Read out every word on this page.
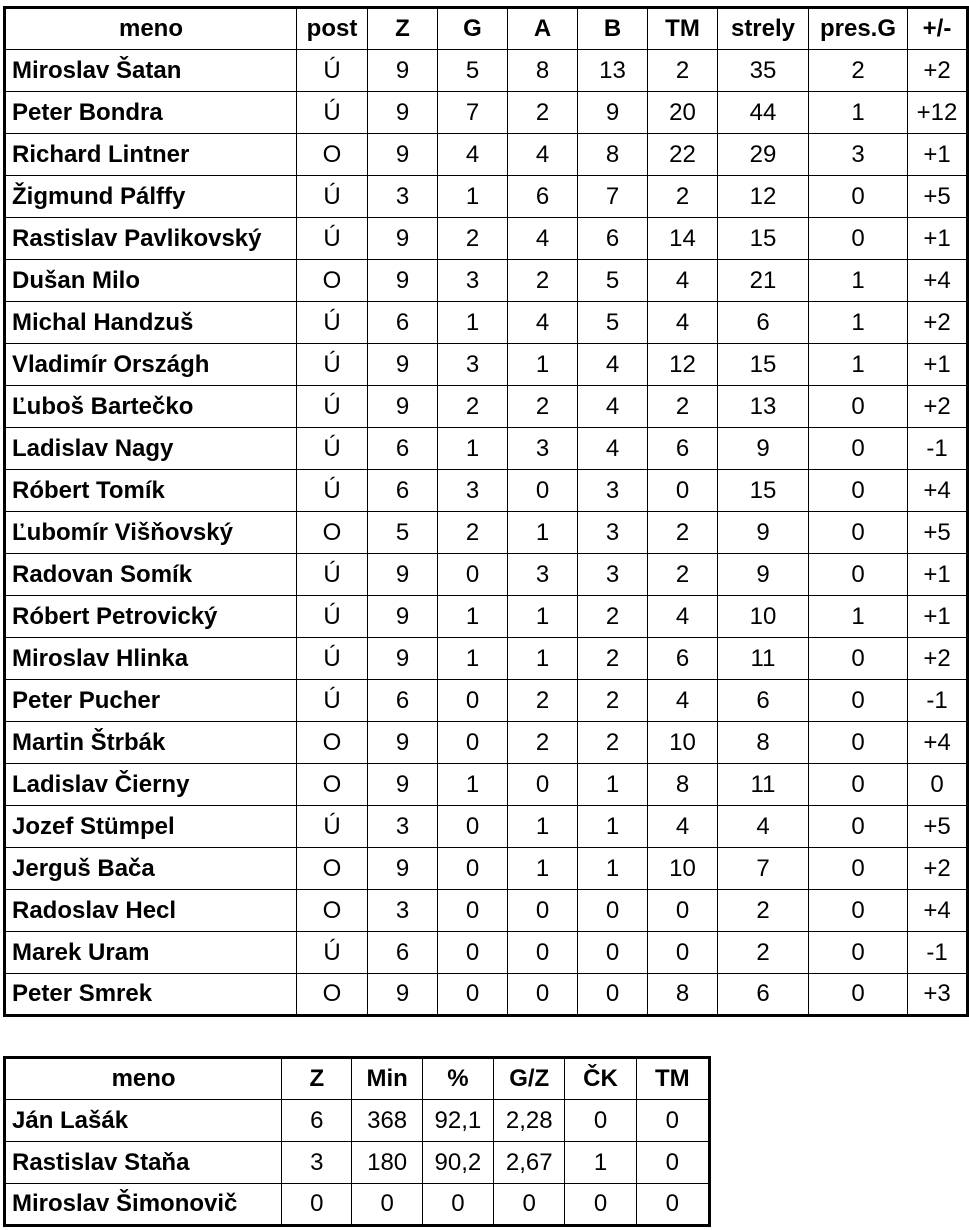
meno	post	Z	G	A	B	TM	strely	pres.G	+/-
Miroslav Šatan	Ú	9	5	8	13	2	35	2	+2
Peter Bondra	Ú	9	7	2	9	20	44	1	+12
Richard Lintner	O	9	4	4	8	22	29	3	+1
Žigmund Pálffy	Ú	3	1	6	7	2	12	0	+5
Rastislav Pavlikovský	Ú	9	2	4	6	14	15	0	+1
Dušan Milo	O	9	3	2	5	4	21	1	+4
Michal Handzuš	Ú	6	1	4	5	4	6	1	+2
Vladimír Országh	Ú	9	3	1	4	12	15	1	+1
Ľuboš Bartečko	Ú	9	2	2	4	2	13	0	+2
Ladislav Nagy	Ú	6	1	3	4	6	9	0	-1
Róbert Tomík	Ú	6	3	0	3	0	15	0	+4
Ľubomír Višňovský	O	5	2	1	3	2	9	0	+5
Radovan Somík	Ú	9	0	3	3	2	9	0	+1
Róbert Petrovický	Ú	9	1	1	2	4	10	1	+1
Miroslav Hlinka	Ú	9	1	1	2	6	11	0	+2
Peter Pucher	Ú	6	0	2	2	4	6	0	-1
Martin Štrbák	O	9	0	2	2	10	8	0	+4
Ladislav Čierny	O	9	1	0	1	8	11	0	0
Jozef Stümpel	Ú	3	0	1	1	4	4	0	+5
Jerguš Bača	O	9	0	1	1	10	7	0	+2
Radoslav Hecl	O	3	0	0	0	0	2	0	+4
Marek Uram	Ú	6	0	0	0	0	2	0	-1
Peter Smrek	O	9	0	0	0	8	6	0	+3
meno	Z	Min	%	G/Z	ČK	TM
Ján Lašák	6	368	92,1	2,28	0	0
Rastislav Staňa	3	180	90,2	2,67	1	0
Miroslav Šimonovič	0	0	0	0	0	0
